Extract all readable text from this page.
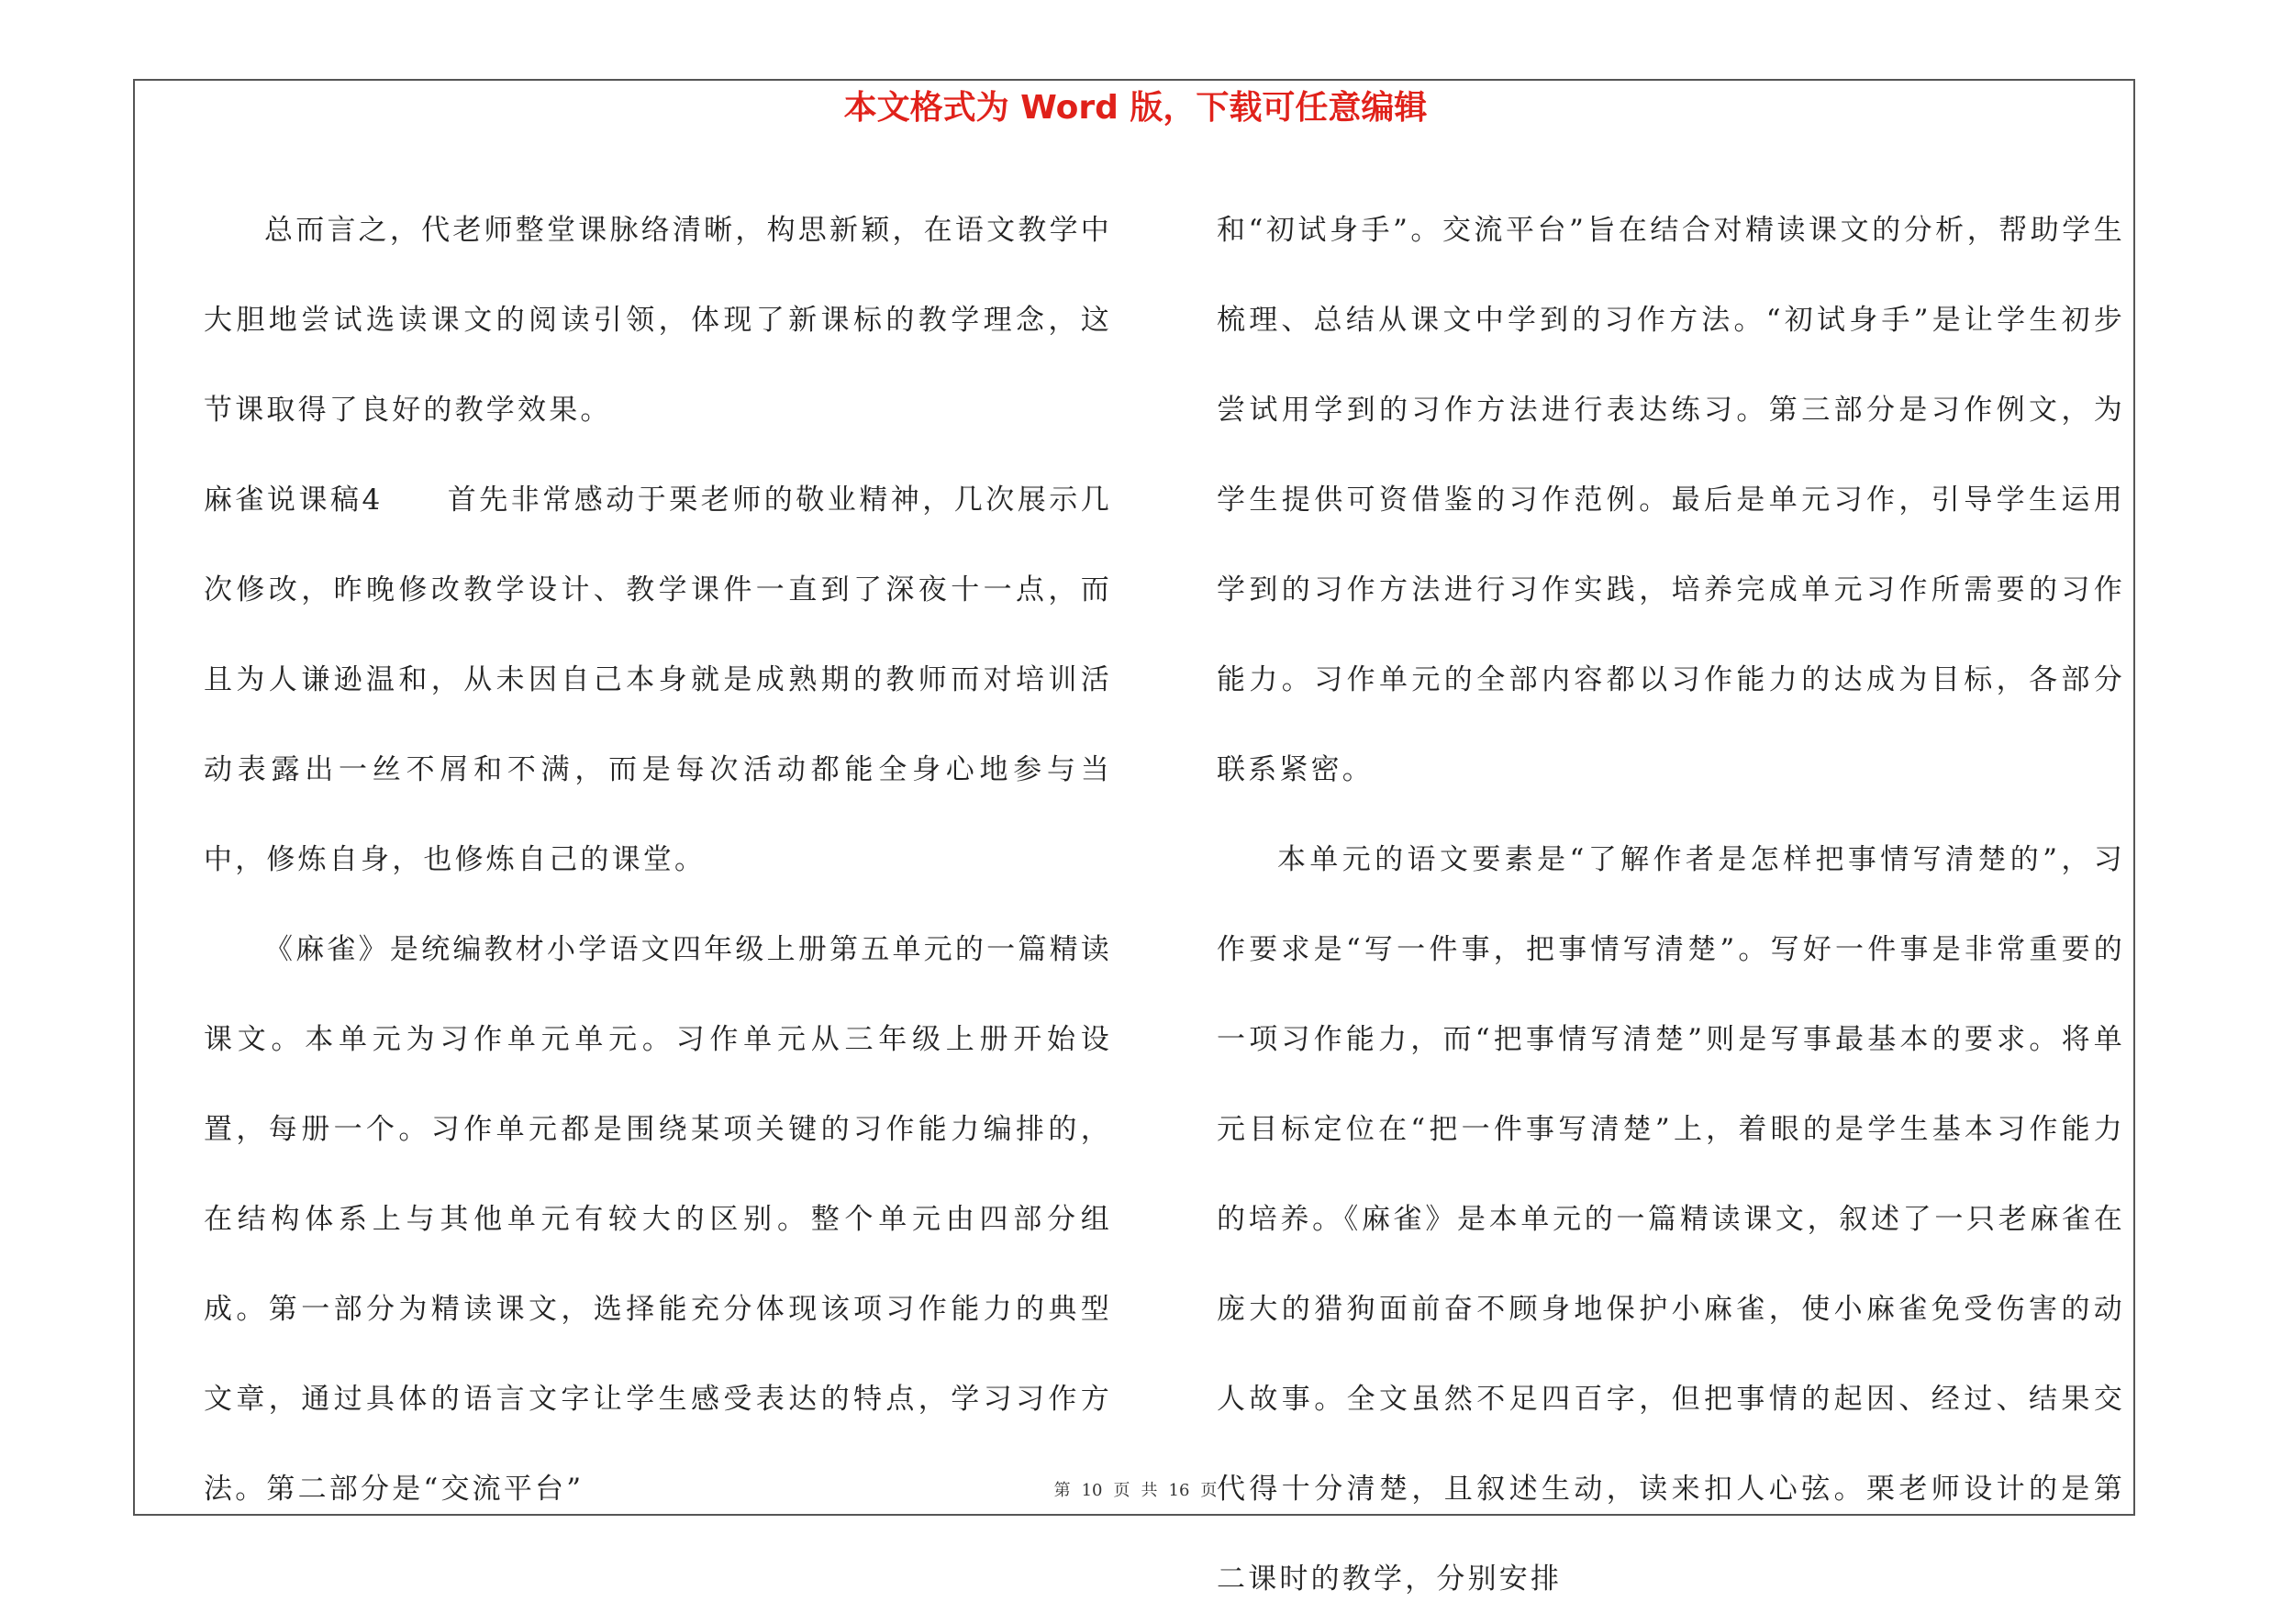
本文格式为 Word 版，下载可任意编辑

总而言之，代老师整堂课脉络清晰，构思新颖，在语文教学中大胆地尝试选读课文的阅读引领，体现了新课标的教学理念，这节课取得了良好的教学效果。

麻雀说课稿4 首先非常感动于栗老师的敬业精神，几次展示几次修改，昨晚修改教学设计、教学课件一直到了深夜十一点，而且为人谦逊温和，从未因自己本身就是成熟期的教师而对培训活动表露出一丝不屑和不满，而是每次活动都能全身心地参与当中，修炼自身，也修炼自己的课堂。

《麻雀》是统编教材小学语文四年级上册第五单元的一篇精读课文。本单元为习作单元单元。习作单元从三年级上册开始设置，每册一个。习作单元都是围绕某项关键的习作能力编排的，在结构体系上与其他单元有较大的区别。整个单元由四部分组成。第一部分为精读课文，选择能充分体现该项习作能力的典型文章，通过具体的语言文字让学生感受表达的特点，学习习作方法。第二部分是“交流平台”

和“初试身手”。交流平台”旨在结合对精读课文的分析，帮助学生梳理、总结从课文中学到的习作方法。“初试身手”是让学生初步尝试用学到的习作方法进行表达练习。第三部分是习作例文，为学生提供可资借鉴的习作范例。最后是单元习作，引导学生运用学到的习作方法进行习作实践，培养完成单元习作所需要的习作能力。习作单元的全部内容都以习作能力的达成为目标，各部分联系紧密。

本单元的语文要素是“了解作者是怎样把事情写清楚的”，习作要求是“写一件事，把事情写清楚”。写好一件事是非常重要的一项习作能力，而“把事情写清楚”则是写事最基本的要求。将单元目标定位在“把一件事写清楚”上，着眼的是学生基本习作能力的培养。《麻雀》是本单元的一篇精读课文，叙述了一只老麻雀在庞大的猎狗面前奋不顾身地保护小麻雀，使小麻雀免受伤害的动人故事。全文虽然不足四百字，但把事情的起因、经过、结果交代得十分清楚，且叙述生动，读来扣人心弦。栗老师设计的是第二课时的教学，分别安排

第 10 页 共 16 页
